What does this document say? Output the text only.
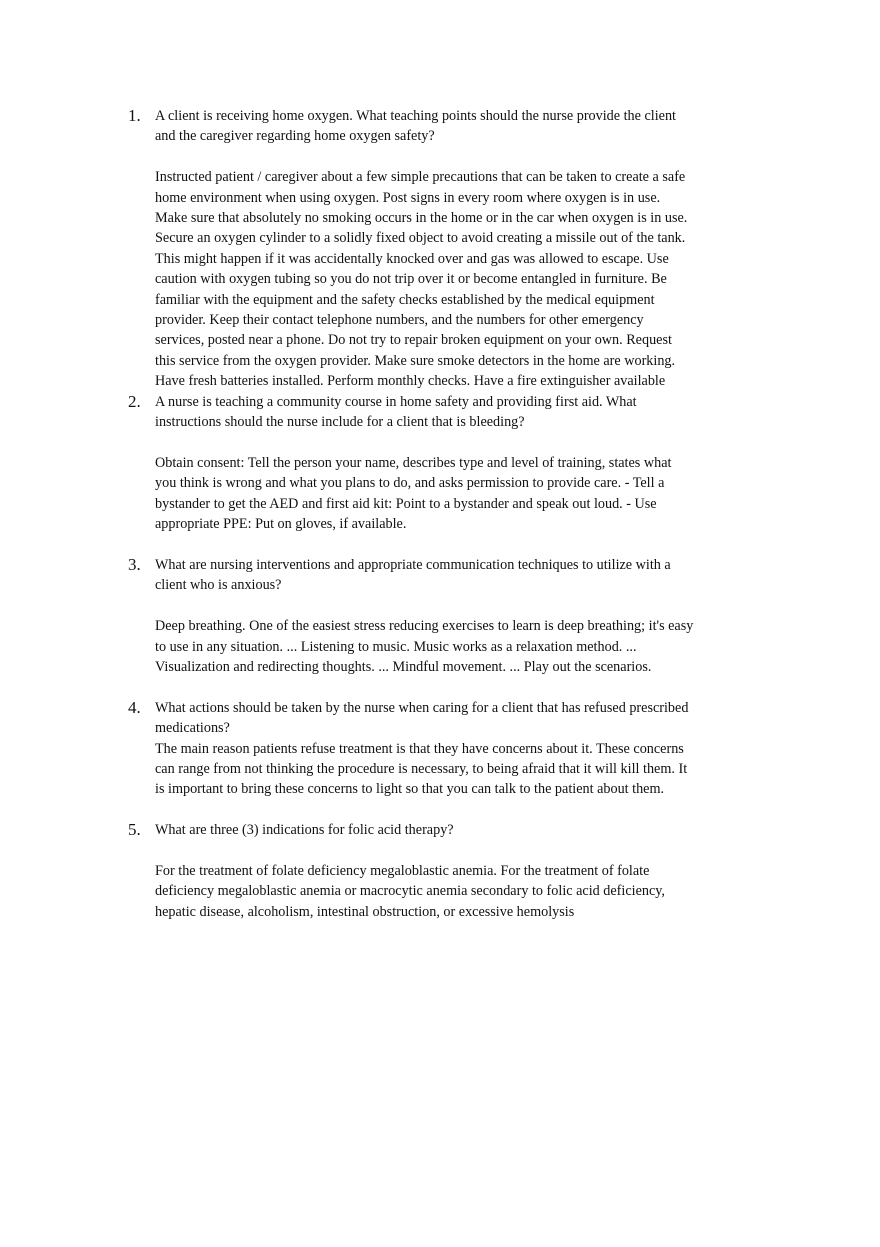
1.	A client is receiving home oxygen. What teaching points should the nurse provide the client and the caregiver regarding home oxygen safety?

Instructed patient / caregiver about a few simple precautions that can be taken to create a safe home environment when using oxygen. Post signs in every room where oxygen is in use. Make sure that absolutely no smoking occurs in the home or in the car when oxygen is in use. Secure an oxygen cylinder to a solidly fixed object to avoid creating a missile out of the tank. This might happen if it was accidentally knocked over and gas was allowed to escape. Use caution with oxygen tubing so you do not trip over it or become entangled in furniture. Be familiar with the equipment and the safety checks established by the medical equipment provider. Keep their contact telephone numbers, and the numbers for other emergency services, posted near a phone. Do not try to repair broken equipment on your own. Request this service from the oxygen provider. Make sure smoke detectors in the home are working. Have fresh batteries installed. Perform monthly checks. Have a fire extinguisher available

2.	A nurse is teaching a community course in home safety and providing first aid. What instructions should the nurse include for a client that is bleeding?

Obtain consent: Tell the person your name, describes type and level of training, states what you think is wrong and what you plans to do, and asks permission to provide care. - Tell a bystander to get the AED and first aid kit: Point to a bystander and speak out loud. - Use appropriate PPE: Put on gloves, if available.

3.	What are nursing interventions and appropriate communication techniques to utilize with a client who is anxious?

Deep breathing. One of the easiest stress reducing exercises to learn is deep breathing; it's easy to use in any situation. ... Listening to music. Music works as a relaxation method. ... Visualization and redirecting thoughts. ... Mindful movement. ... Play out the scenarios.

4.	What actions should be taken by the nurse when caring for a client that has refused prescribed medications?

The main reason patients refuse treatment is that they have concerns about it. These concerns can range from not thinking the procedure is necessary, to being afraid that it will kill them. It is important to bring these concerns to light so that you can talk to the patient about them.

5.	What are three (3) indications for folic acid therapy?

For the treatment of folate deficiency megaloblastic anemia. For the treatment of folate deficiency megaloblastic anemia or macrocytic anemia secondary to folic acid deficiency, hepatic disease, alcoholism, intestinal obstruction, or excessive hemolysis
